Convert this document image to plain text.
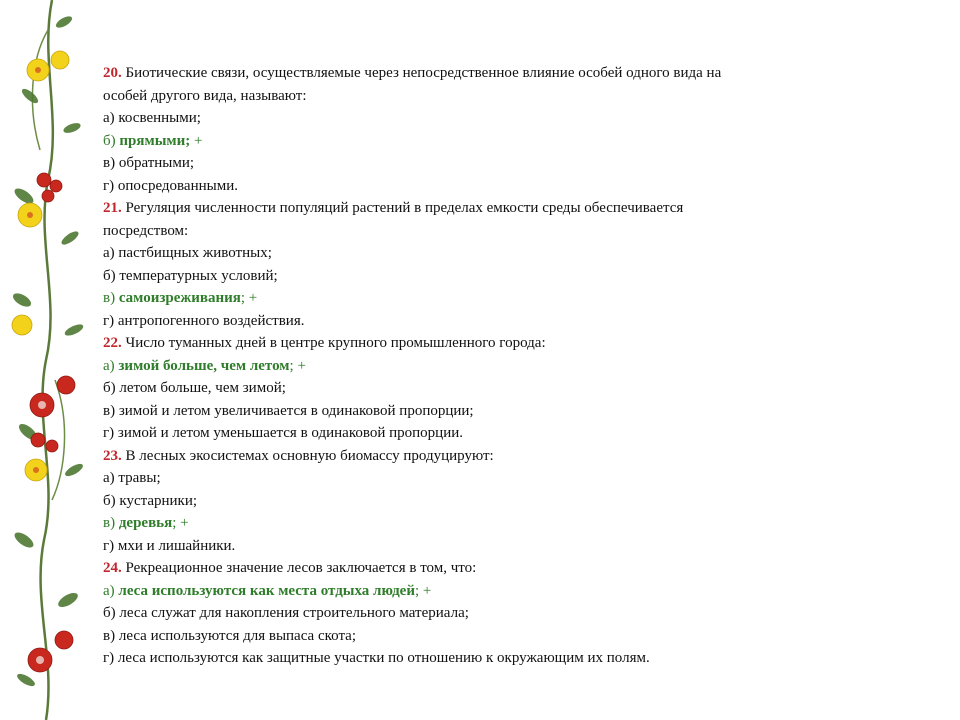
20. Биотические связи, осуществляемые через непосредственное влияние особей одного вида на
особей другого вида, называют:
а) косвенными;
б) прямыми; +
в) обратными;
г) опосредованными.
21. Регуляция численности популяций растений в пределах емкости среды обеспечивается
посредством:
а) пастбищных животных;
б) температурных условий;
в) самоизреживания; +
г) антропогенного воздействия.
22. Число туманных дней в центре крупного промышленного города:
а) зимой больше, чем летом; +
б) летом больше, чем зимой;
в) зимой и летом увеличивается в одинаковой пропорции;
г) зимой и летом уменьшается в одинаковой пропорции.
23. В лесных экосистемах основную биомассу продуцируют:
а) травы;
б) кустарники;
в) деревья; +
г) мхи и лишайники.
24. Рекреационное значение лесов заключается в том, что:
а) леса используются как места отдыха людей; +
б) леса служат для накопления строительного материала;
в) леса используются для выпаса скота;
г) леса используются как защитные участки по отношению к окружающим их полям.
